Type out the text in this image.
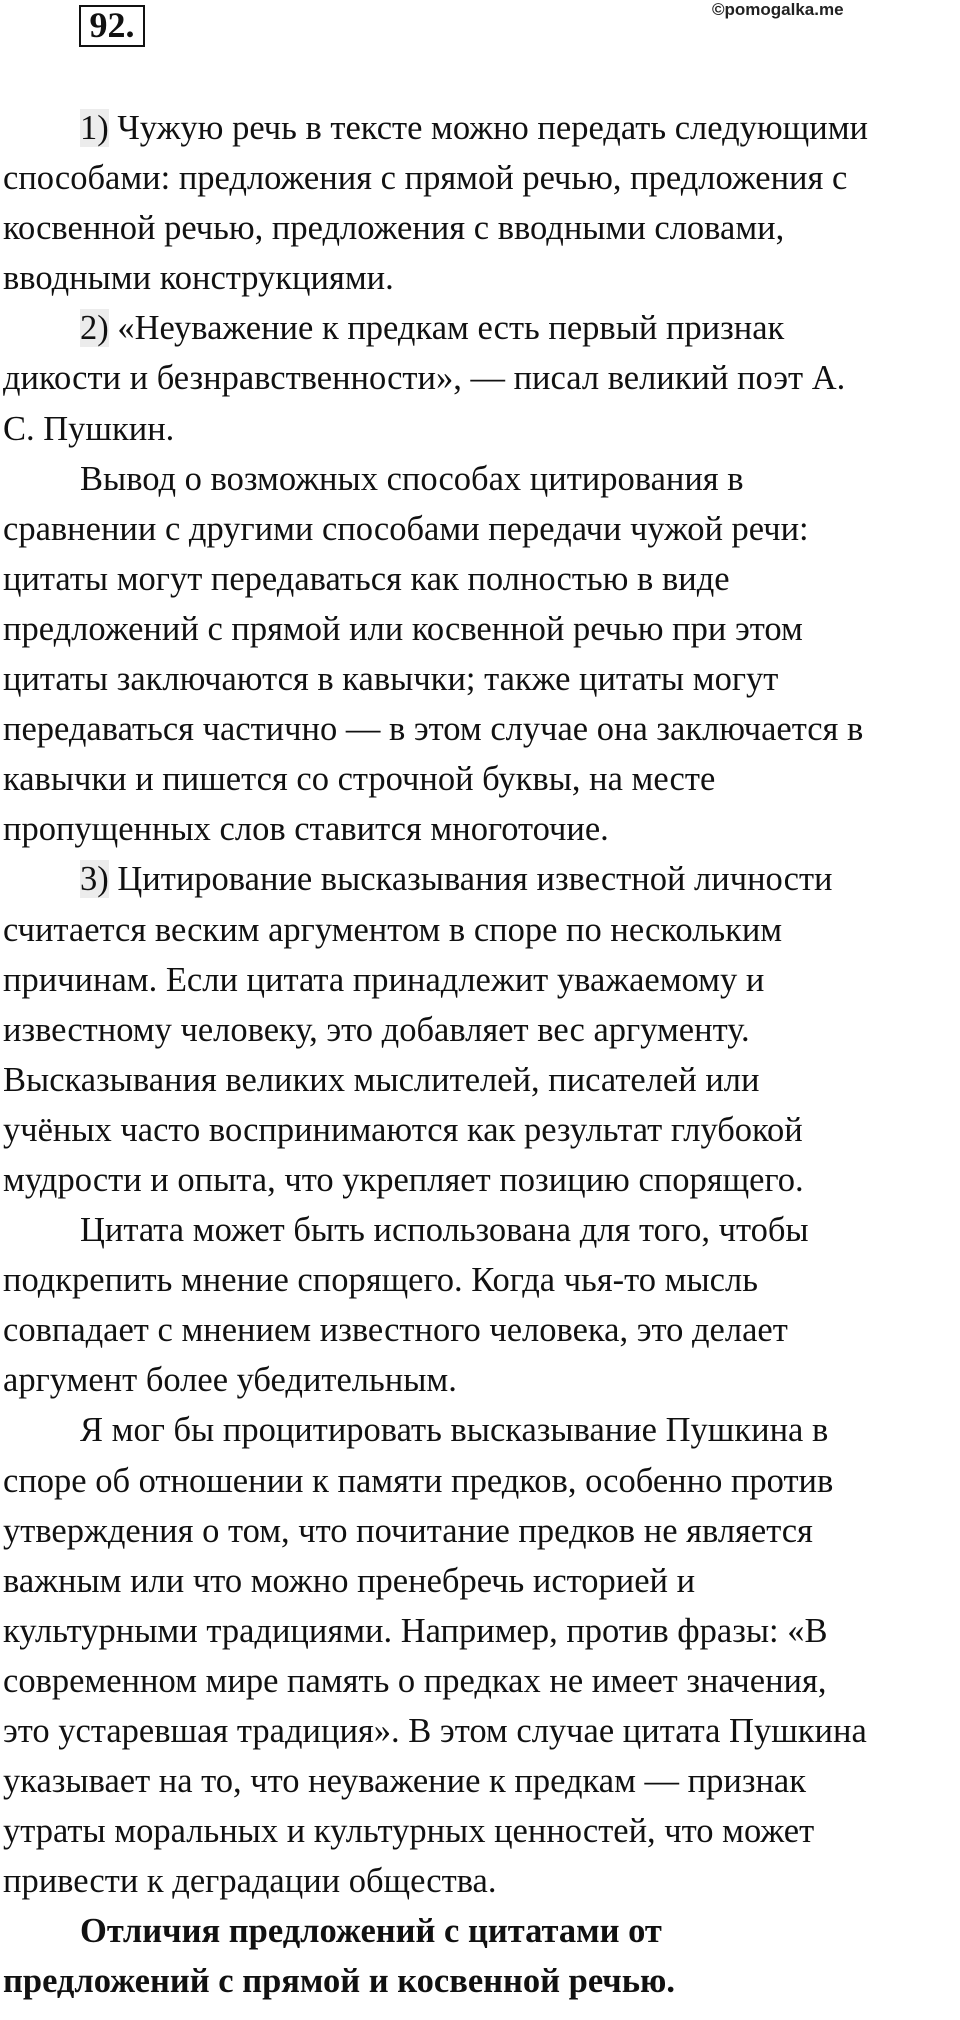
92.	©pomogalka.me

1) Чужую речь в тексте можно передать следующими
способами: предложения с прямой речью, предложения с
косвенной речью, предложения с вводными словами,
вводными конструкциями.

2) «Неуважение к предкам есть первый признак
дикости и безнравственности», — писал великий поэт А.
С. Пушкин.

Вывод о возможных способах цитирования в
сравнении с другими способами передачи чужой речи:
цитаты могут передаваться как полностью в виде
предложений с прямой или косвенной речью при этом
цитаты заключаются в кавычки; также цитаты могут
передаваться частично — в этом случае она заключается в
кавычки и пишется со строчной буквы, на месте
пропущенных слов ставится многоточие.

3) Цитирование высказывания известной личности
считается веским аргументом в споре по нескольким
причинам. Если цитата принадлежит уважаемому и
известному человеку, это добавляет вес аргументу.
Высказывания великих мыслителей, писателей или
учёных часто воспринимаются как результат глубокой
мудрости и опыта, что укрепляет позицию спорящего.

Цитата может быть использована для того, чтобы
подкрепить мнение спорящего. Когда чья-то мысль
совпадает с мнением известного человека, это делает
аргумент более убедительным.

Я мог бы процитировать высказывание Пушкина в
споре об отношении к памяти предков, особенно против
утверждения о том, что почитание предков не является
важным или что можно пренебречь историей и
культурными традициями. Например, против фразы: «В
современном мире память о предках не имеет значения,
это устаревшая традиция». В этом случае цитата Пушкина
указывает на то, что неуважение к предкам — признак
утраты моральных и культурных ценностей, что может
привести к деградации общества.

Отличия предложений с цитатами от
предложений с прямой и косвенной речью.
